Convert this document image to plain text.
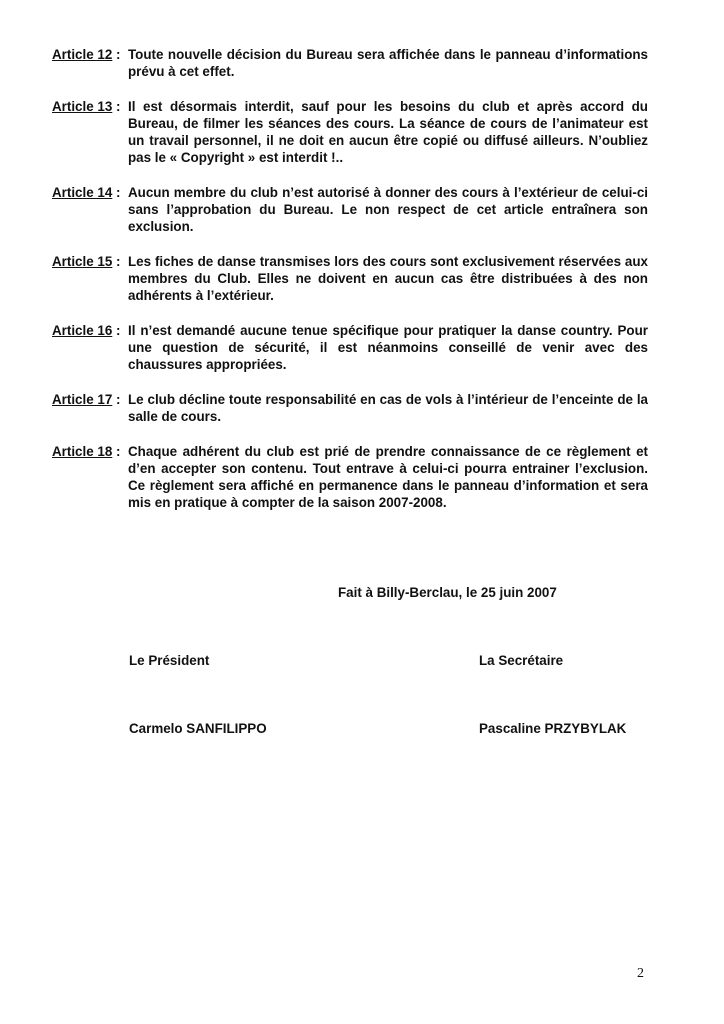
Article 12 : Toute nouvelle décision du Bureau sera affichée dans le panneau d’informations prévu à cet effet.
Article 13 : Il est désormais interdit, sauf pour les besoins du club et après accord du Bureau, de filmer les séances des cours. La séance de cours de l’animateur est un travail personnel, il ne doit en aucun être copié ou diffusé ailleurs. N’oubliez pas le « Copyright » est interdit !..
Article 14 : Aucun membre du club n’est autorisé à donner des cours à l’extérieur de celui-ci sans l’approbation du Bureau. Le non respect de cet article entraînera son exclusion.
Article 15 : Les fiches de danse transmises lors des cours sont exclusivement réservées aux membres du Club. Elles ne doivent en aucun cas être distribuées à des non adhérents à l’extérieur.
Article 16 : Il n’est demandé aucune tenue spécifique pour pratiquer la danse country. Pour une question de sécurité, il est néanmoins conseillé de venir avec des chaussures appropriées.
Article 17 : Le club décline toute responsabilité en cas de vols à l’intérieur de l’enceinte de la salle de cours.
Article 18 : Chaque adhérent du club est prié de prendre connaissance de ce règlement et d’en accepter son contenu. Tout entrave à celui-ci pourra entrainer l’exclusion. Ce règlement sera affiché en permanence dans le panneau d’information et sera mis en pratique à compter de la saison 2007-2008.
Fait à Billy-Berclau, le 25 juin 2007
Le Président	La Secrétaire
Carmelo SANFILIPPO	Pascaline PRZYBYLAK
2
